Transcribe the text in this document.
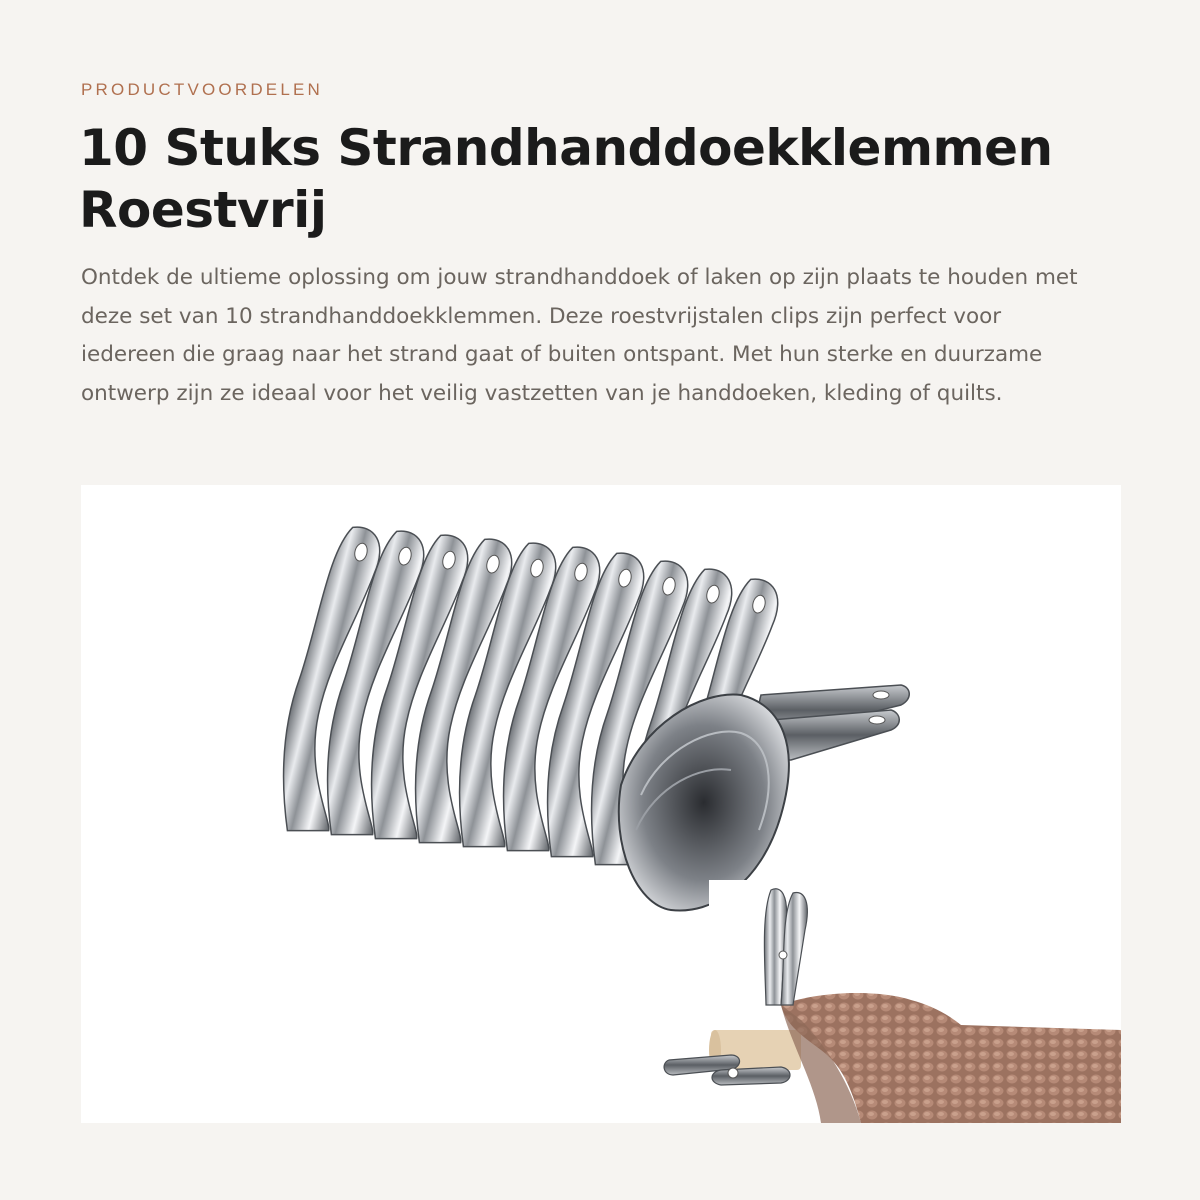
PRODUCTVOORDELEN
10 Stuks Strandhanddoekklemmen Roestvrij

Ontdek de ultieme oplossing om jouw strandhanddoek of laken op zijn plaats te houden met deze set van 10 strandhanddoekklemmen. Deze roestvrijstalen clips zijn perfect voor iedereen die graag naar het strand gaat of buiten ontspant. Met hun sterke en duurzame ontwerp zijn ze ideaal voor het veilig vastzetten van je handdoeken, kleding of quilts.
